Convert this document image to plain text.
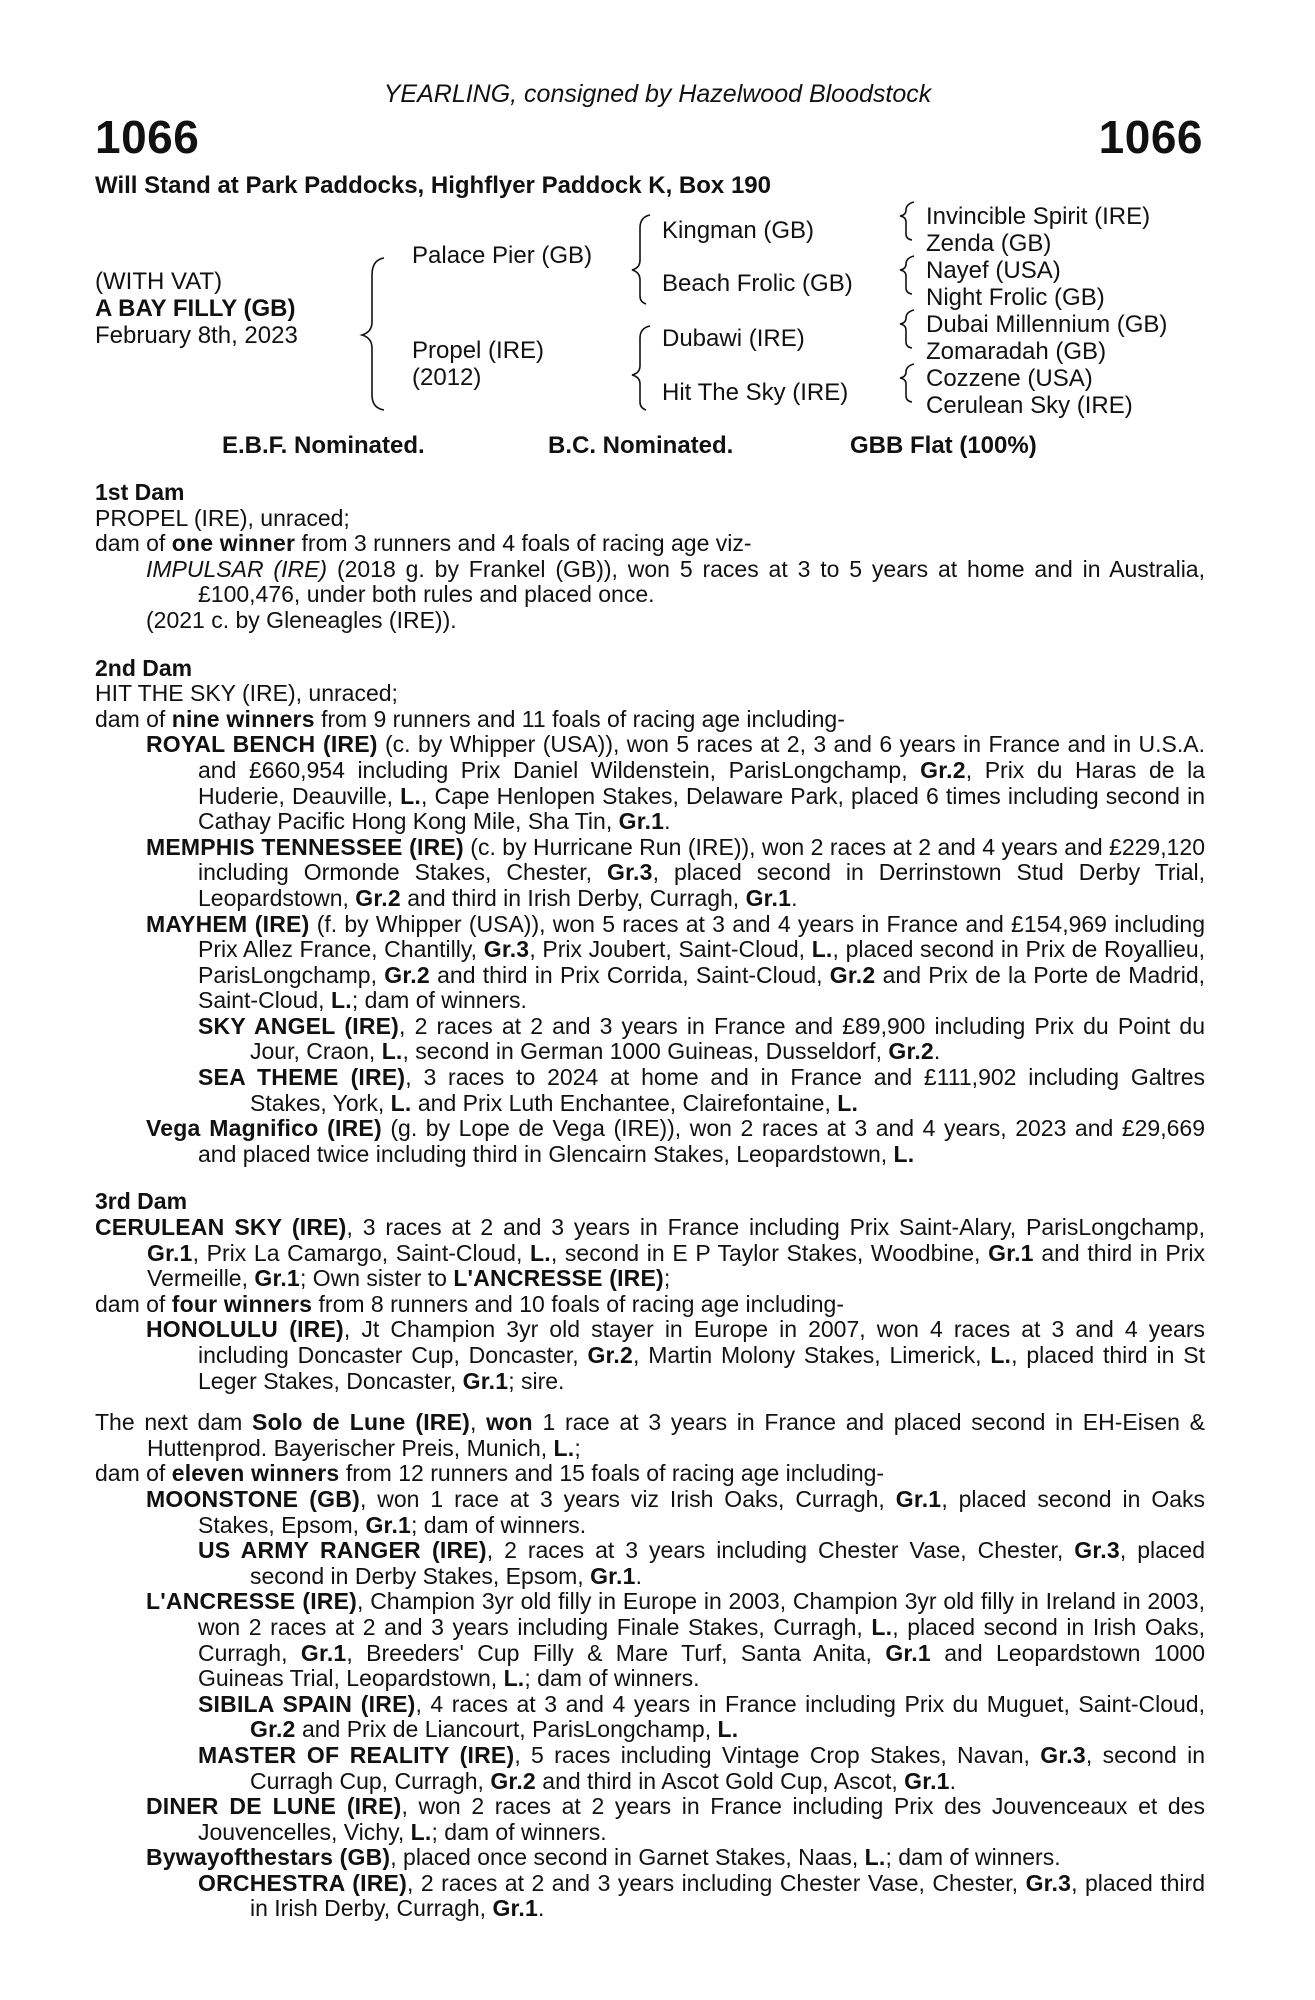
YEARLING, consigned by Hazelwood Bloodstock
1066	1066
Will Stand at Park Paddocks, Highflyer Paddock K, Box 190
(WITH VAT)
A BAY FILLY (GB)
February 8th, 2023
Palace Pier (GB)
Propel (IRE)
(2012)
Kingman (GB)
Beach Frolic (GB)
Dubawi (IRE)
Hit The Sky (IRE)
Invincible Spirit (IRE)
Zenda (GB)
Nayef (USA)
Night Frolic (GB)
Dubai Millennium (GB)
Zomaradah (GB)
Cozzene (USA)
Cerulean Sky (IRE)
E.B.F. Nominated.	B.C. Nominated.	GBB Flat (100%)
1st Dam
PROPEL (IRE), unraced;
dam of one winner from 3 runners and 4 foals of racing age viz-
IMPULSAR (IRE) (2018 g. by Frankel (GB)), won 5 races at 3 to 5 years at home and in Australia, £100,476, under both rules and placed once.
(2021 c. by Gleneagles (IRE)).
2nd Dam
HIT THE SKY (IRE), unraced;
dam of nine winners from 9 runners and 11 foals of racing age including-
ROYAL BENCH (IRE) (c. by Whipper (USA)), won 5 races at 2, 3 and 6 years in France and in U.S.A. and £660,954 including Prix Daniel Wildenstein, ParisLongchamp, Gr.2, Prix du Haras de la Huderie, Deauville, L., Cape Henlopen Stakes, Delaware Park, placed 6 times including second in Cathay Pacific Hong Kong Mile, Sha Tin, Gr.1.
MEMPHIS TENNESSEE (IRE) (c. by Hurricane Run (IRE)), won 2 races at 2 and 4 years and £229,120 including Ormonde Stakes, Chester, Gr.3, placed second in Derrinstown Stud Derby Trial, Leopardstown, Gr.2 and third in Irish Derby, Curragh, Gr.1.
MAYHEM (IRE) (f. by Whipper (USA)), won 5 races at 3 and 4 years in France and £154,969 including Prix Allez France, Chantilly, Gr.3, Prix Joubert, Saint-Cloud, L., placed second in Prix de Royallieu, ParisLongchamp, Gr.2 and third in Prix Corrida, Saint-Cloud, Gr.2 and Prix de la Porte de Madrid, Saint-Cloud, L.; dam of winners.
SKY ANGEL (IRE), 2 races at 2 and 3 years in France and £89,900 including Prix du Point du Jour, Craon, L., second in German 1000 Guineas, Dusseldorf, Gr.2.
SEA THEME (IRE), 3 races to 2024 at home and in France and £111,902 including Galtres Stakes, York, L. and Prix Luth Enchantee, Clairefontaine, L.
Vega Magnifico (IRE) (g. by Lope de Vega (IRE)), won 2 races at 3 and 4 years, 2023 and £29,669 and placed twice including third in Glencairn Stakes, Leopardstown, L.
3rd Dam
CERULEAN SKY (IRE), 3 races at 2 and 3 years in France including Prix Saint-Alary, ParisLongchamp, Gr.1, Prix La Camargo, Saint-Cloud, L., second in E P Taylor Stakes, Woodbine, Gr.1 and third in Prix Vermeille, Gr.1; Own sister to L'ANCRESSE (IRE);
dam of four winners from 8 runners and 10 foals of racing age including-
HONOLULU (IRE), Jt Champion 3yr old stayer in Europe in 2007, won 4 races at 3 and 4 years including Doncaster Cup, Doncaster, Gr.2, Martin Molony Stakes, Limerick, L., placed third in St Leger Stakes, Doncaster, Gr.1; sire.
The next dam Solo de Lune (IRE), won 1 race at 3 years in France and placed second in EH-Eisen & Huttenprod. Bayerischer Preis, Munich, L.;
dam of eleven winners from 12 runners and 15 foals of racing age including-
MOONSTONE (GB), won 1 race at 3 years viz Irish Oaks, Curragh, Gr.1, placed second in Oaks Stakes, Epsom, Gr.1; dam of winners.
US ARMY RANGER (IRE), 2 races at 3 years including Chester Vase, Chester, Gr.3, placed second in Derby Stakes, Epsom, Gr.1.
L'ANCRESSE (IRE), Champion 3yr old filly in Europe in 2003, Champion 3yr old filly in Ireland in 2003, won 2 races at 2 and 3 years including Finale Stakes, Curragh, L., placed second in Irish Oaks, Curragh, Gr.1, Breeders' Cup Filly & Mare Turf, Santa Anita, Gr.1 and Leopardstown 1000 Guineas Trial, Leopardstown, L.; dam of winners.
SIBILA SPAIN (IRE), 4 races at 3 and 4 years in France including Prix du Muguet, Saint-Cloud, Gr.2 and Prix de Liancourt, ParisLongchamp, L.
MASTER OF REALITY (IRE), 5 races including Vintage Crop Stakes, Navan, Gr.3, second in Curragh Cup, Curragh, Gr.2 and third in Ascot Gold Cup, Ascot, Gr.1.
DINER DE LUNE (IRE), won 2 races at 2 years in France including Prix des Jouvenceaux et des Jouvencelles, Vichy, L.; dam of winners.
Bywayofthestars (GB), placed once second in Garnet Stakes, Naas, L.; dam of winners.
ORCHESTRA (IRE), 2 races at 2 and 3 years including Chester Vase, Chester, Gr.3, placed third in Irish Derby, Curragh, Gr.1.
